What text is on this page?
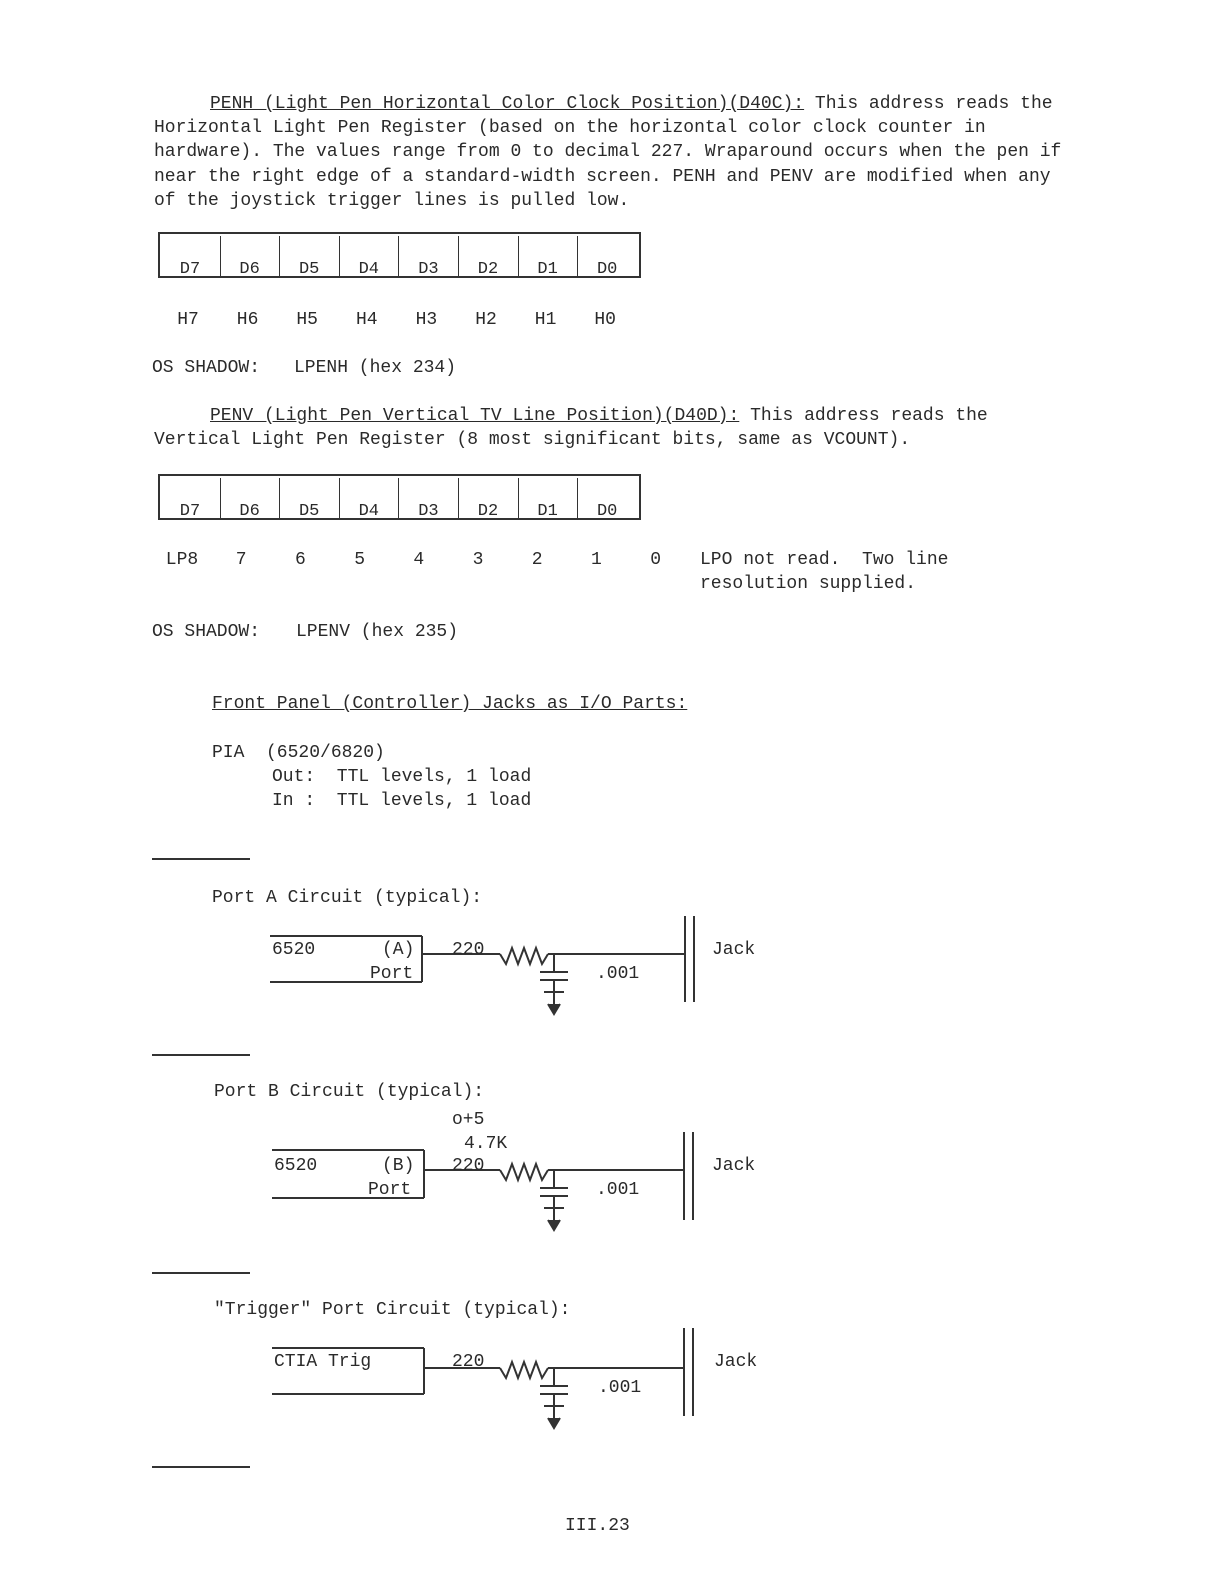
PENH (Light Pen Horizontal Color Clock Position)(D40C): This address reads the Horizontal Light Pen Register (based on the horizontal color clock counter in hardware). The values range from 0 to decimal 227. Wraparound occurs when the pen if near the right edge of a standard-width screen. PENH and PENV are modified when any of the joystick trigger lines is pulled low.
D7	D6	D5	D4	D3	D2	D1	D0
H7	H6	H5	H4	H3	H2	H1	H0
OS SHADOW: LPENH (hex 234)
PENV (Light Pen Vertical TV Line Position)(D40D): This address reads the Vertical Light Pen Register (8 most significant bits, same as VCOUNT).
D7	D6	D5	D4	D3	D2	D1	D0
LP8	7	6	5	4	3	2	1	0	LPO not read.  Two line
resolution supplied.
OS SHADOW: LPENV (hex 235)
Front Panel (Controller) Jacks as I/O Parts:
PIA  (6520/6820)
Out:  TTL levels, 1 load
In :  TTL levels, 1 load
Port A Circuit (typical):
6520	(A)
Port
220
.001
Jack
Port B Circuit (typical):
o+5
4.7K
6520	(B)
Port
220
.001
Jack
"Trigger" Port Circuit (typical):
CTIA Trig	220
.001
Jack
III.23
